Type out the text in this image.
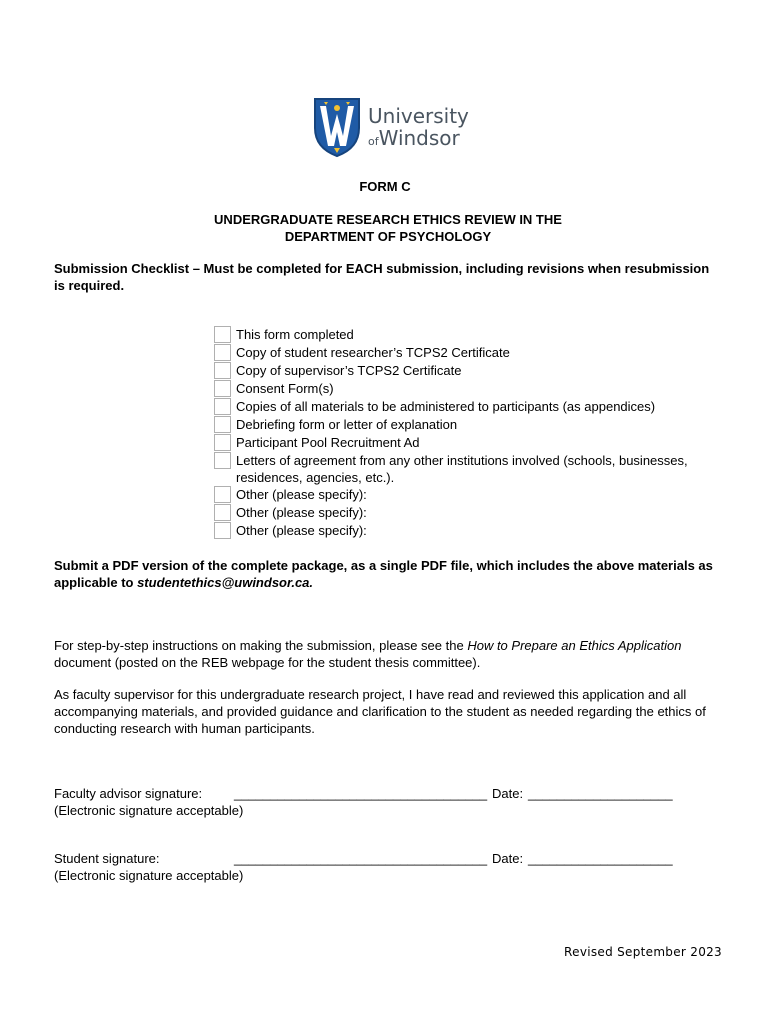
University
ofWindsor
FORM C
UNDERGRADUATE RESEARCH ETHICS REVIEW IN THE
DEPARTMENT OF PSYCHOLOGY
Submission Checklist – Must be completed for EACH submission, including revisions when resubmission is required.
This form completed
Copy of student researcher’s TCPS2 Certificate
Copy of supervisor’s TCPS2 Certificate
Consent Form(s)
Copies of all materials to be administered to participants (as appendices)
Debriefing form or letter of explanation
Participant Pool Recruitment Ad
Letters of agreement from any other institutions involved (schools, businesses, residences, agencies, etc.).
Other (please specify):
Other (please specify):
Other (please specify):
Submit a PDF version of the complete package, as a single PDF file, which includes the above materials as applicable to studentethics@uwindsor.ca.
For step-by-step instructions on making the submission, please see the How to Prepare an Ethics Application document (posted on the REB webpage for the student thesis committee).
As faculty supervisor for this undergraduate research project, I have read and reviewed this application and all accompanying materials, and provided guidance and clarification to the student as needed regarding the ethics of conducting research with human participants.
Faculty advisor signature: ___________________________________ Date: ____________________
(Electronic signature acceptable)
Student signature:	___________________________________ Date: ____________________
(Electronic signature acceptable)
Revised September 2023
